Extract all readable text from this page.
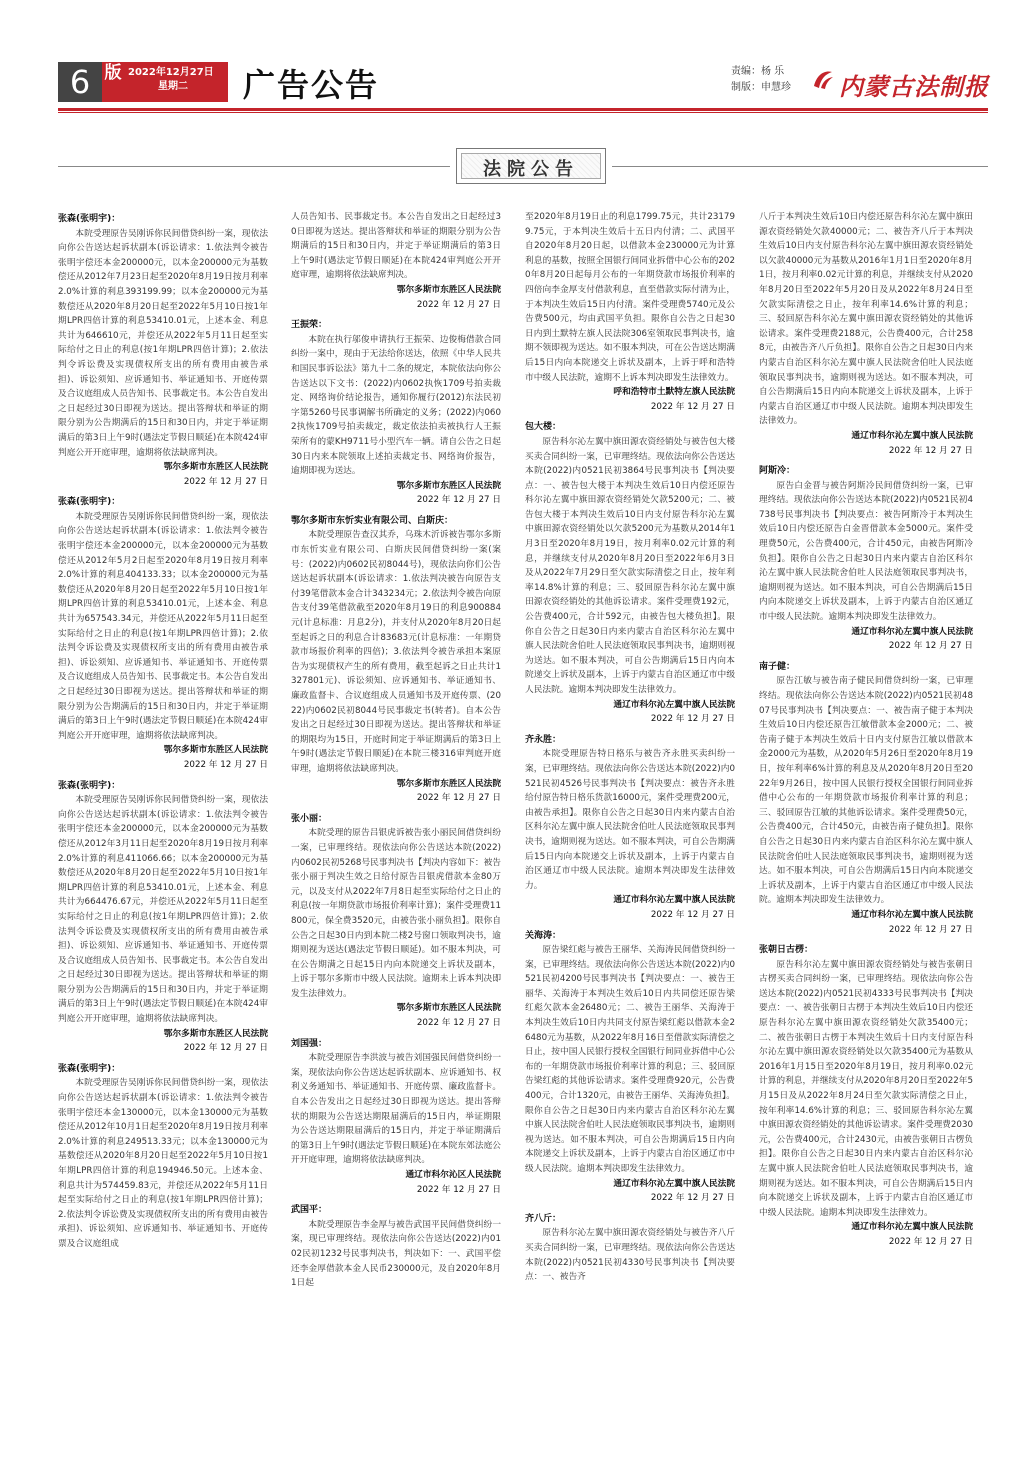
6 版 2022年12月27日
星期二	广告公告	责编：杨 乐
制版：申慧珍 内蒙古法制报
法院公告
张森(张明宇)：
本院受理原告吴刚诉你民间借贷纠纷一案，现依法向你公告送达起诉状副本(诉讼请求：1.依法判令被告张明宇偿还本金200000元，以本金200000元为基数偿还从2012年7月23日起至2020年8月19日按月利率2.0%计算的利息393199.99；以本金200000元为基数偿还从2020年8月20日起至2022年5月10日按1年期LPR四倍计算的利息53410.01元，上述本金、利息共计为646610元，并偿还从2022年5月11日起至实际给付之日止的利息(按1年期LPR四倍计算)；2.依法判令诉讼费及实现债权所支出的所有费用由被告承担)、诉讼须知、应诉通知书、举证通知书、开庭传票及合议庭组成人员告知书、民事裁定书。本公告自发出之日起经过30日即视为送达。提出答辩状和举证的期限分别为公告期满后的15日和30日内，并定于举证期满后的第3日上午9时(遇法定节假日顺延)在本院424审判庭公开开庭审理，逾期将依法缺席判决。
鄂尔多斯市东胜区人民法院
2022 年 12 月 27 日
张森(张明宇)：
本院受理原告吴刚诉你民间借贷纠纷一案，现依法向你公告送达起诉状副本(诉讼请求：1.依法判令被告张明宇偿还本金200000元，以本金200000元为基数偿还从2012年5月2日起至2020年8月19日按月利率2.0%计算的利息404133.33；以本金200000元为基数偿还从2020年8月20日起至2022年5月10日按1年期LPR四倍计算的利息53410.01元，上述本金、利息共计为657543.34元，并偿还从2022年5月11日起至实际给付之日止的利息(按1年期LPR四倍计算)；2.依法判令诉讼费及实现债权所支出的所有费用由被告承担)、诉讼须知、应诉通知书、举证通知书、开庭传票及合议庭组成人员告知书、民事裁定书。本公告自发出之日起经过30日即视为送达。提出答辩状和举证的期限分别为公告期满后的15日和30日内，并定于举证期满后的第3日上午9时(遇法定节假日顺延)在本院424审判庭公开开庭审理，逾期将依法缺席判决。
鄂尔多斯市东胜区人民法院
2022 年 12 月 27 日
张森(张明宇)：
本院受理原告吴刚诉你民间借贷纠纷一案，现依法向你公告送达起诉状副本(诉讼请求：1.依法判令被告张明宇偿还本金200000元，以本金200000元为基数偿还从2012年3月11日起至2020年8月19日按月利率2.0%计算的利息411066.66；以本金200000元为基数偿还从2020年8月20日起至2022年5月10日按1年期LPR四倍计算的利息53410.01元，上述本金、利息共计为664476.67元，并偿还从2022年5月11日起至实际给付之日止的利息(按1年期LPR四倍计算)；2.依法判令诉讼费及实现债权所支出的所有费用由被告承担)、诉讼须知、应诉通知书、举证通知书、开庭传票及合议庭组成人员告知书、民事裁定书。本公告自发出之日起经过30日即视为送达。提出答辩状和举证的期限分别为公告期满后的15日和30日内，并定于举证期满后的第3日上午9时(遇法定节假日顺延)在本院424审判庭公开开庭审理，逾期将依法缺席判决。
鄂尔多斯市东胜区人民法院
2022 年 12 月 27 日
张森(张明宇)：
本院受理原告吴刚诉你民间借贷纠纷一案，现依法向你公告送达起诉状副本(诉讼请求：1.依法判令被告张明宇偿还本金130000元，以本金130000元为基数偿还从2012年10月1日起至2020年8月19日按月利率2.0%计算的利息249513.33元；以本金130000元为基数偿还从2020年8月20日起至2022年5月10日按1年期LPR四倍计算的利息194946.50元。上述本金、利息共计为574459.83元，并偿还从2022年5月11日起至实际给付之日止的利息(按1年期LPR四倍计算)；2.依法判令诉讼费及实现债权所支出的所有费用由被告承担)、诉讼须知、应诉通知书、举证通知书、开庭传票及合议庭组成
人员告知书、民事裁定书。本公告自发出之日起经过30日即视为送达。提出答辩状和举证的期限分别为公告期满后的15日和30日内，并定于举证期满后的第3日上午9时(遇法定节假日顺延)在本院424审判庭公开开庭审理，逾期将依法缺席判决。
鄂尔多斯市东胜区人民法院
2022 年 12 月 27 日
王振荣：
本院在执行邬俊申请执行王振荣、边俊梅借款合同纠纷一案中，现由于无法给你送达，依照《中华人民共和国民事诉讼法》第九十二条的规定，本院依法向你公告送达以下文书：(2022)内0602执恢1709号拍卖裁定、网络询价结论报告，通知你履行(2012)东法民初字第5260号民事调解书所确定的义务；(2022)内0602执恢1709号拍卖裁定，裁定依法拍卖被执行人王振荣所有的蒙KH9711号小型汽车一辆。请自公告之日起30日内来本院领取上述拍卖裁定书、网络询价报告，逾期即视为送达。
鄂尔多斯市东胜区人民法院
2022 年 12 月 27 日
鄂尔多斯市东忻实业有限公司、白斯庆：
本院受理原告查汉其乔，乌珠木沂诉被告鄂尔多斯市东忻实业有限公司、白斯庆民间借贷纠纷一案(案号：(2022)内0602民初8044号)，现依法向你们公告送达起诉状副本(诉讼请求：1.依法判决被告向原告支付39笔借款本金合计343234元；2.依法判令被告向原告支付39笔借款截至2020年8月19日的利息900884元(计息标准：月息2分)，并支付从2020年8月20日起至起诉之日的利息合计83683元(计息标准：一年期贷款市场报价利率的四倍)；3.依法判令被告承担本案原告为实现债权产生的所有费用，截至起诉之日止共计1327801元)、诉讼须知、应诉通知书、举证通知书、廉政监督卡、合议庭组成人员通知书及开庭传票、(2022)内0602民初8044号民事裁定书(转者)。自本公告发出之日起经过30日即视为送达。提出答辩状和举证的期限均为15日，开庭时间定于举证期满后的第3日上午9时(遇法定节假日顺延)在本院三楼316审判庭开庭审理，逾期将依法缺席判决。
鄂尔多斯市东胜区人民法院
2022 年 12 月 27 日
张小丽：
本院受理的原告吕银虎诉被告张小丽民间借贷纠纷一案，已审理终结。现依法向你公告送达本院(2022)内0602民初5268号民事判决书【判决内容如下：被告张小丽于判决生效之日给付原告吕银虎借款本金80万元，以及支付从2022年7月8日起至实际给付之日止的利息(按一年期贷款市场报价利率计算)；案件受理费11800元，保全费3520元，由被告张小丽负担】。限你自公告之日起30日内到本院二楼2号窗口领取判决书，逾期则视为送达(遇法定节假日顺延)。如不服本判决，可在公告期满之日起15日内向本院递交上诉状及副本，上诉于鄂尔多斯市中级人民法院。逾期未上诉本判决即发生法律效力。
鄂尔多斯市东胜区人民法院
2022 年 12 月 27 日
刘国强：
本院受理原告李洪波与被告刘国强民间借贷纠纷一案，现依法向你公告送达起诉状副本、应诉通知书、权利义务通知书、举证通知书、开庭传票、廉政监督卡。自本公告发出之日起经过30日即视为送达。提出答辩状的期限为公告送达期限届满后的15日内，举证期限为公告送达期限届满后的15日内，并定于举证期满后的第3日上午9时(遇法定节假日顺延)在本院东郊法庭公开开庭审理，逾期将依法缺席判决。
通辽市科尔沁区人民法院
2022 年 12 月 27 日
武国平：
本院受理原告李金厚与被告武国平民间借贷纠纷一案，现已审理终结。现依法向你公告送达(2022)内0102民初1232号民事判决书，判决如下：一、武国平偿还李金厚借款本金人民币230000元，及自2020年8月1日起
至2020年8月19日止的利息1799.75元，共计231799.75元，于本判决生效后十五日内付清；二、武国平自2020年8月20日起，以借款本金230000元为计算利息的基数，按照全国银行间同业拆借中心公布的2020年8月20日起每月公布的一年期贷款市场报价利率的四倍向李金厚支付借款利息，直至借款实际付清为止，于本判决生效后15日内付清。案件受理费5740元及公告费500元，均由武国平负担。限你自公告之日起30日内到土默特左旗人民法院306室领取民事判决书，逾期不领即视为送达。如不服本判决，可在公告送达期满后15日内向本院递交上诉状及副本，上诉于呼和浩特市中级人民法院，逾期不上诉本判决即发生法律效力。
呼和浩特市土默特左旗人民法院
2022 年 12 月 27 日
包大楼：
原告科尔沁左翼中旗田源农资经销处与被告包大楼买卖合同纠纷一案，已审理终结。现依法向你公告送达本院(2022)内0521民初3864号民事判决书【判决要点：一、被告包大楼于本判决生效后10日内偿还原告科尔沁左翼中旗田源农资经销处欠款5200元；二、被告包大楼于本判决生效后10日内支付原告科尔沁左翼中旗田源农资经销处以欠款5200元为基数从2014年1月3日至2020年8月19日，按月利率0.02元计算的利息，并继续支付从2020年8月20日至2022年6月3日及从2022年7月29日至欠款实际清偿之日止，按年利率14.8%计算的利息；三、驳回原告科尔沁左翼中旗田源农资经销处的其他诉讼请求。案件受理费192元，公告费400元，合计592元，由被告包大楼负担】。限你自公告之日起30日内来内蒙古自治区科尔沁左翼中旗人民法院舍伯吐人民法庭领取民事判决书，逾期则视为送达。如不服本判决，可自公告期满后15日内向本院递交上诉状及副本，上诉于内蒙古自治区通辽市中级人民法院。逾期本判决即发生法律效力。
通辽市科尔沁左翼中旗人民法院
2022 年 12 月 27 日
齐永胜：
本院受理原告特日格乐与被告齐永胜买卖纠纷一案，已审理终结。现依法向你公告送达本院(2022)内0521民初4526号民事判决书【判决要点：被告齐永胜给付原告特日格乐货款16000元，案件受理费200元，由被告承担】。限你自公告之日起30日内来内蒙古自治区科尔沁左翼中旗人民法院舍伯吐人民法庭领取民事判决书，逾期则视为送达。如不服本判决，可自公告期满后15日内向本院递交上诉状及副本，上诉于内蒙古自治区通辽市中级人民法院。逾期本判决即发生法律效力。
通辽市科尔沁左翼中旗人民法院
2022 年 12 月 27 日
关海涛：
原告梁红彪与被告王丽华、关海涛民间借贷纠纷一案，已审理终结。现依法向你公告送达本院(2022)内0521民初4200号民事判决书【判决要点：一、被告王丽华、关海涛于本判决生效后10日内共同偿还原告梁红彪欠款本金26480元；二、被告王丽华、关海涛于本判决生效后10日内共同支付原告梁红彪以借款本金26480元为基数，从2022年8月16日至借款实际清偿之日止，按中国人民银行授权全国银行间同业拆借中心公布的一年期贷款市场报价利率计算的利息；三、驳回原告梁红彪的其他诉讼请求。案件受理费920元，公告费400元，合计1320元，由被告王丽华、关海涛负担】。限你自公告之日起30日内来内蒙古自治区科尔沁左翼中旗人民法院舍伯吐人民法庭领取民事判决书，逾期则视为送达。如不服本判决，可自公告期满后15日内向本院递交上诉状及副本，上诉于内蒙古自治区通辽市中级人民法院。逾期本判决即发生法律效力。
通辽市科尔沁左翼中旗人民法院
2022 年 12 月 27 日
齐八斤：
原告科尔沁左翼中旗田源农资经销处与被告齐八斤买卖合同纠纷一案，已审理终结。现依法向你公告送达本院(2022)内0521民初4330号民事判决书【判决要点：一、被告齐
八斤于本判决生效后10日内偿还原告科尔沁左翼中旗田源农资经销处欠款40000元；二、被告齐八斤于本判决生效后10日内支付原告科尔沁左翼中旗田源农资经销处以欠款40000元为基数从2016年1月1日至2020年8月1日，按月利率0.02元计算的利息，并继续支付从2020年8月20日至2022年5月20日及从2022年8月24日至欠款实际清偿之日止，按年利率14.6%计算的利息；三、驳回原告科尔沁左翼中旗田源农资经销处的其他诉讼请求。案件受理费2188元，公告费400元，合计2588元，由被告齐八斤负担】。限你自公告之日起30日内来内蒙古自治区科尔沁左翼中旗人民法院舍伯吐人民法庭领取民事判决书，逾期则视为送达。如不服本判决，可自公告期满后15日内向本院递交上诉状及副本，上诉于内蒙古自治区通辽市中级人民法院。逾期本判决即发生法律效力。
通辽市科尔沁左翼中旗人民法院
2022 年 12 月 27 日
阿斯冷：
原告白金晋与被告阿斯冷民间借贷纠纷一案，已审理终结。现依法向你公告送达本院(2022)内0521民初4738号民事判决书【判决要点：被告阿斯冷于本判决生效后10日内偿还原告白金晋借款本金5000元。案件受理费50元，公告费400元，合计450元，由被告阿斯冷负担】。限你自公告之日起30日内来内蒙古自治区科尔沁左翼中旗人民法院舍伯吐人民法庭领取民事判决书，逾期则视为送达。如不服本判决，可自公告期满后15日内向本院递交上诉状及副本，上诉于内蒙古自治区通辽市中级人民法院。逾期本判决即发生法律效力。
通辽市科尔沁左翼中旗人民法院
2022 年 12 月 27 日
南子健：
原告江敏与被告南子健民间借贷纠纷一案，已审理终结。现依法向你公告送达本院(2022)内0521民初4807号民事判决书【判决要点：一、被告南子健于本判决生效后10日内偿还原告江敏借款本金2000元；二、被告南子健于本判决生效后十日内支付原告江敏以借款本金2000元为基数，从2020年5月26日至2020年8月19日，按年利率6%计算的利息及从2020年8月20日至2022年9月26日，按中国人民银行授权全国银行间同业拆借中心公布的一年期贷款市场报价利率计算的利息；三、驳回原告江敏的其他诉讼请求。案件受理费50元，公告费400元，合计450元，由被告南子健负担】。限你自公告之日起30日内来内蒙古自治区科尔沁左翼中旗人民法院舍伯吐人民法庭领取民事判决书，逾期则视为送达。如不服本判决，可自公告期满后15日内向本院递交上诉状及副本，上诉于内蒙古自治区通辽市中级人民法院。逾期本判决即发生法律效力。
通辽市科尔沁左翼中旗人民法院
2022 年 12 月 27 日
张朝日古楞：
原告科尔沁左翼中旗田源农资经销处与被告张朝日古楞买卖合同纠纷一案，已审理终结。现依法向你公告送达本院(2022)内0521民初4333号民事判决书【判决要点：一、被告张朝日古楞于本判决生效后10日内偿还原告科尔沁左翼中旗田源农资经销处欠款35400元；二、被告张朝日古楞于本判决生效后十日内支付原告科尔沁左翼中旗田源农资经销处以欠款35400元为基数从2016年1月15日至2020年8月19日，按月利率0.02元计算的利息，并继续支付从2020年8月20日至2022年5月15日及从2022年8月24日至欠款实际清偿之日止，按年利率14.6%计算的利息；三、驳回原告科尔沁左翼中旗田源农资经销处的其他诉讼请求。案件受理费2030元，公告费400元，合计2430元，由被告张朝日古楞负担】。限你自公告之日起30日内来内蒙古自治区科尔沁左翼中旗人民法院舍伯吐人民法庭领取民事判决书，逾期则视为送达。如不服本判决，可自公告期满后15日内向本院递交上诉状及副本，上诉于内蒙古自治区通辽市中级人民法院。逾期本判决即发生法律效力。
通辽市科尔沁左翼中旗人民法院
2022 年 12 月 27 日
